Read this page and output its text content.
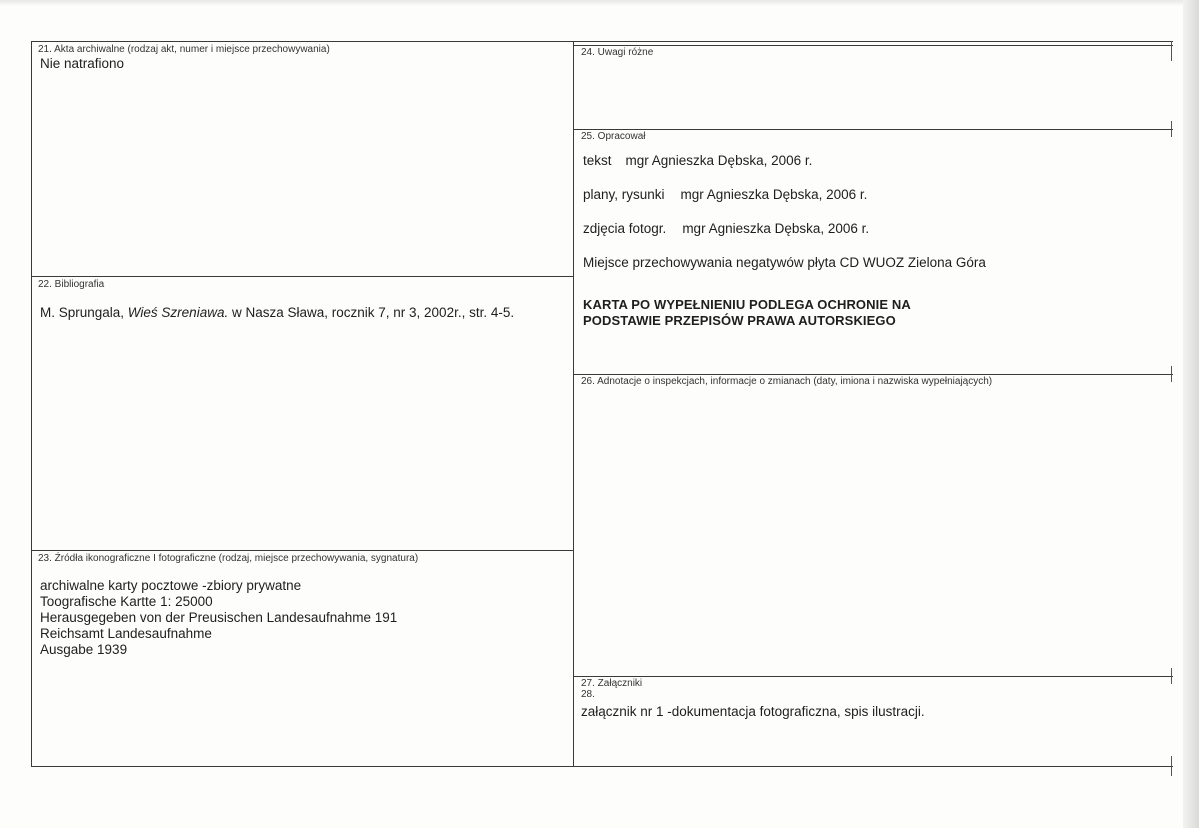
21. Akta archiwalne (rodzaj akt, numer i miejsce przechowywania)
Nie natrafiono
22. Bibliografia
M. Sprungala, Wieś Szreniawa. w Nasza Sława, rocznik 7, nr 3, 2002r., str. 4-5.
23. Źródła ikonograficzne I fotograficzne (rodzaj, miejsce przechowywania, sygnatura)
archiwalne karty pocztowe -zbiory prywatne
Toografische Kartte 1: 25000
Herausgegeben von der Preusischen Landesaufnahme 191
Reichsamt Landesaufnahme
Ausgabe 1939
24. Uwagi różne
25. Opracował
tekst mgr Agnieszka Dębska, 2006 r.
plany, rysunki mgr Agnieszka Dębska, 2006 r.
zdjęcia fotogr. mgr Agnieszka Dębska, 2006 r.
Miejsce przechowywania negatywów płyta CD WUOZ Zielona Góra
KARTA PO WYPEŁNIENIU PODLEGA OCHRONIE NA
PODSTAWIE PRZEPISÓW PRAWA AUTORSKIEGO
26. Adnotacje o inspekcjach, informacje o zmianach (daty, imiona i nazwiska wypełniających)
27. Załączniki
28.
załącznik nr 1 -dokumentacja fotograficzna, spis ilustracji.
